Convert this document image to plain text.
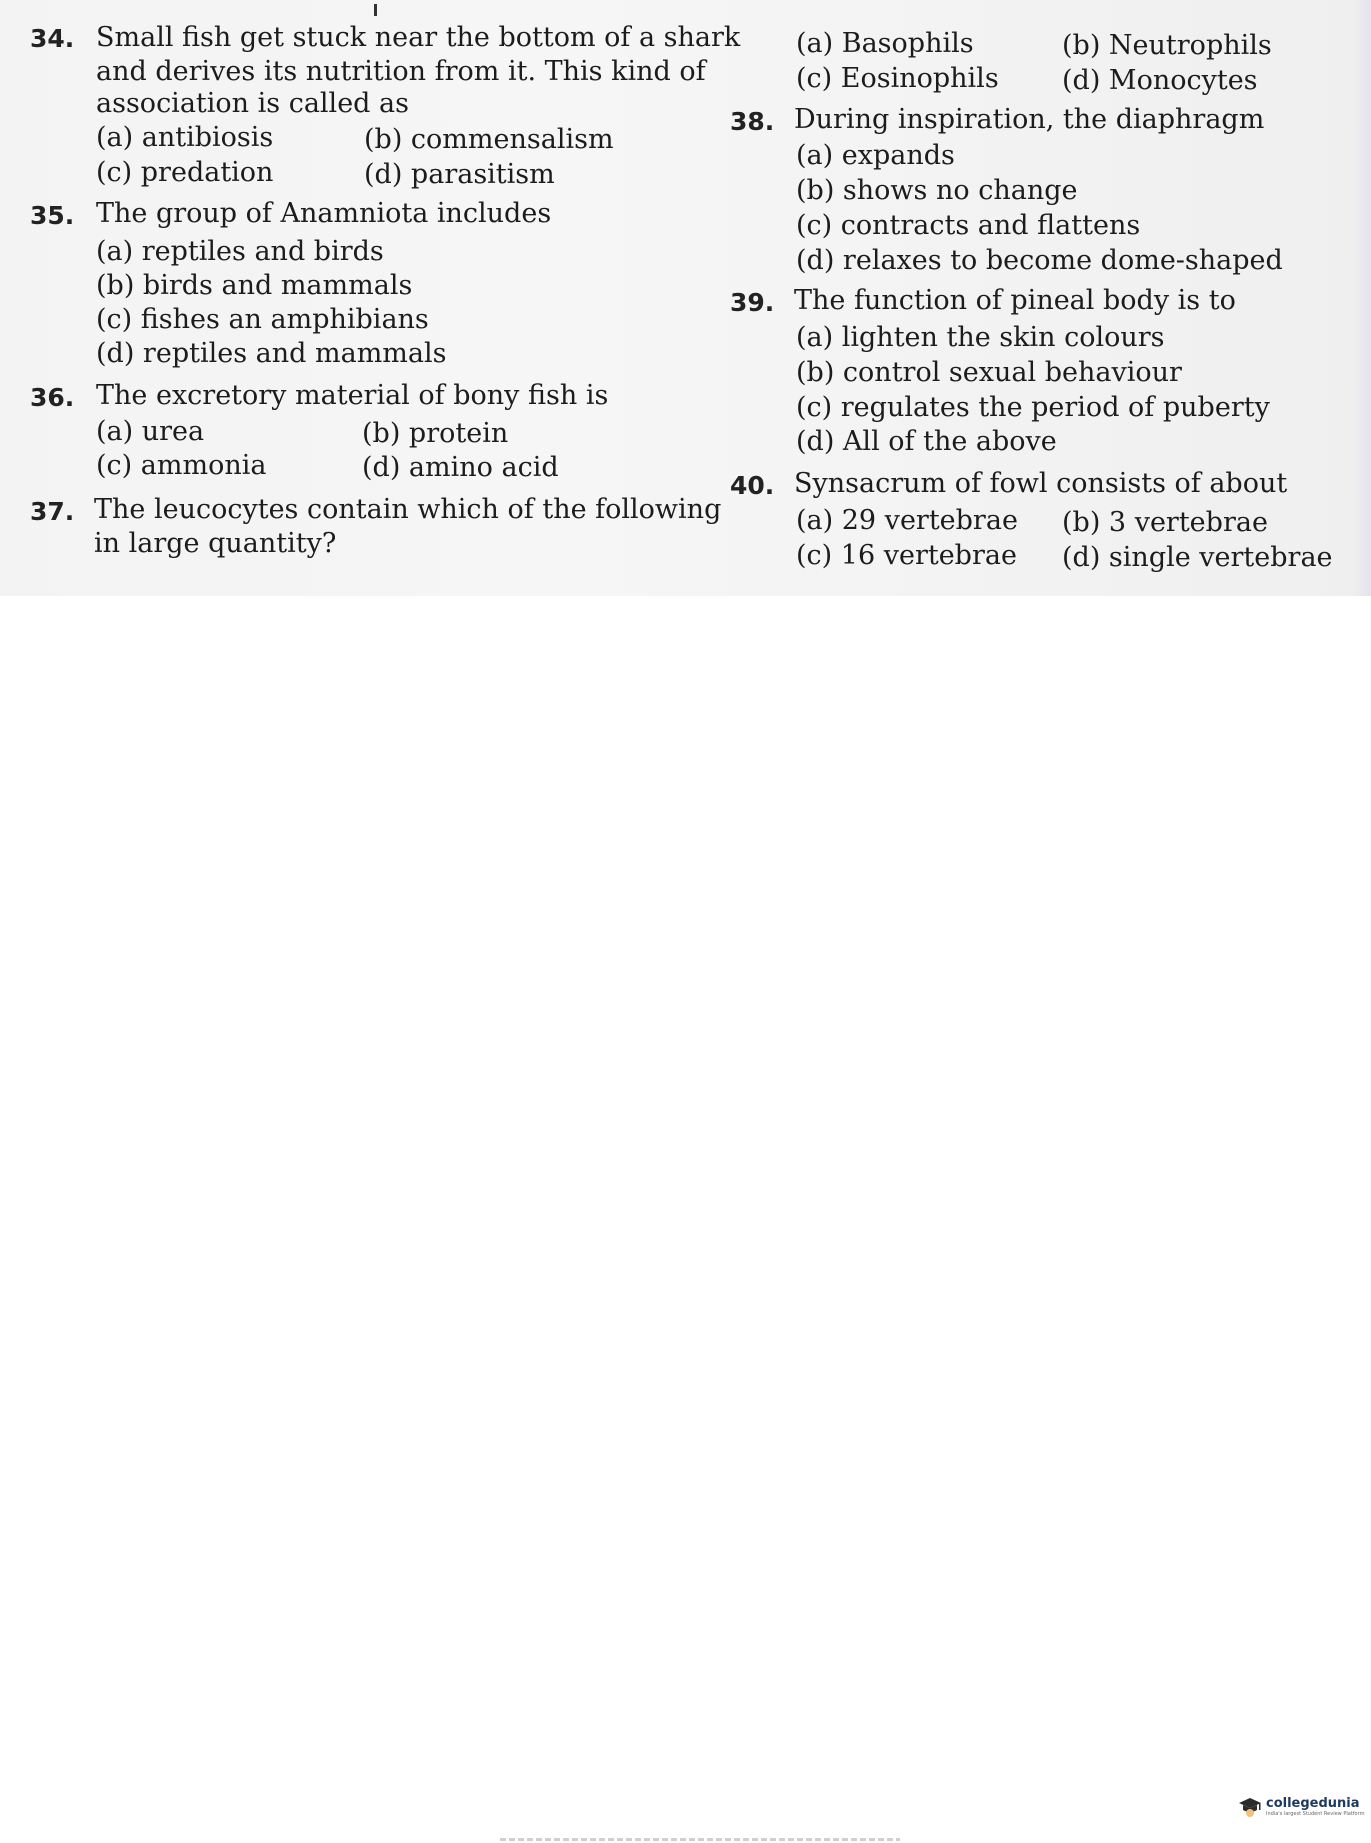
34. Small fish get stuck near the bottom of a shark
and derives its nutrition from it. This kind of
association is called as
(a) antibiosis	(b) commensalism
(c) predation	(d) parasitism
35. The group of Anamniota includes
(a) reptiles and birds
(b) birds and mammals
(c) fishes an amphibians
(d) reptiles and mammals
36. The excretory material of bony fish is
(a) urea	(b) protein
(c) ammonia	(d) amino acid
37. The leucocytes contain which of the following
in large quantity?
(a) Basophils	(b) Neutrophils
(c) Eosinophils (d) Monocytes
38. During inspiration, the diaphragm
(a) expands
(b) shows no change
(c) contracts and flattens
(d) relaxes to become dome-shaped
39. The function of pineal body is to
(a) lighten the skin colours
(b) control sexual behaviour
(c) regulates the period of puberty
(d) All of the above
40. Synsacrum of fowl consists of about
(a) 29 vertebrae (b) 3 vertebrae
(c) 16 vertebrae (d) single vertebrae
collegedunia
India's largest Student Review Platform
